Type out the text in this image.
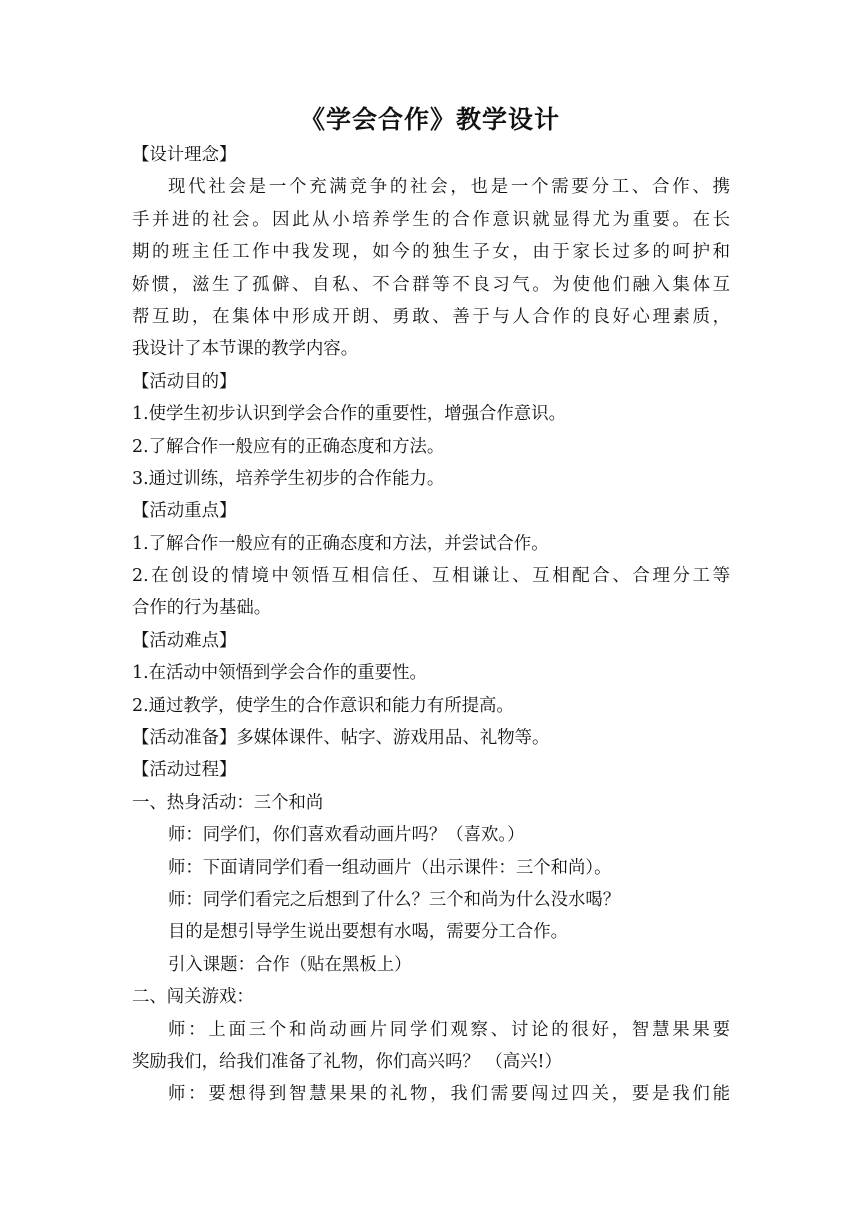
《学会合作》教学设计
【设计理念】
现代社会是一个充满竞争的社会，也是一个需要分工、合作、携
手并进的社会。因此从小培养学生的合作意识就显得尤为重要。在长
期的班主任工作中我发现，如今的独生子女，由于家长过多的呵护和
娇惯，滋生了孤僻、自私、不合群等不良习气。为使他们融入集体互
帮互助，在集体中形成开朗、勇敢、善于与人合作的良好心理素质，
我设计了本节课的教学内容。
【活动目的】
1.使学生初步认识到学会合作的重要性，增强合作意识。
2.了解合作一般应有的正确态度和方法。
3.通过训练，培养学生初步的合作能力。
【活动重点】
1.了解合作一般应有的正确态度和方法，并尝试合作。
2.在创设的情境中领悟互相信任、互相谦让、互相配合、合理分工等
合作的行为基础。
【活动难点】
1.在活动中领悟到学会合作的重要性。
2.通过教学，使学生的合作意识和能力有所提高。
【活动准备】多媒体课件、帖字、游戏用品、礼物等。
【活动过程】
一、热身活动：三个和尚
师：同学们，你们喜欢看动画片吗？（喜欢。）
师：下面请同学们看一组动画片（出示课件：三个和尚）。
师：同学们看完之后想到了什么？三个和尚为什么没水喝？
目的是想引导学生说出要想有水喝，需要分工合作。
引入课题：合作（贴在黑板上）
二、闯关游戏：
师：上面三个和尚动画片同学们观察、讨论的很好，智慧果果要
奖励我们，给我们准备了礼物，你们高兴吗？ （高兴!）
师：要想得到智慧果果的礼物，我们需要闯过四关，要是我们能
